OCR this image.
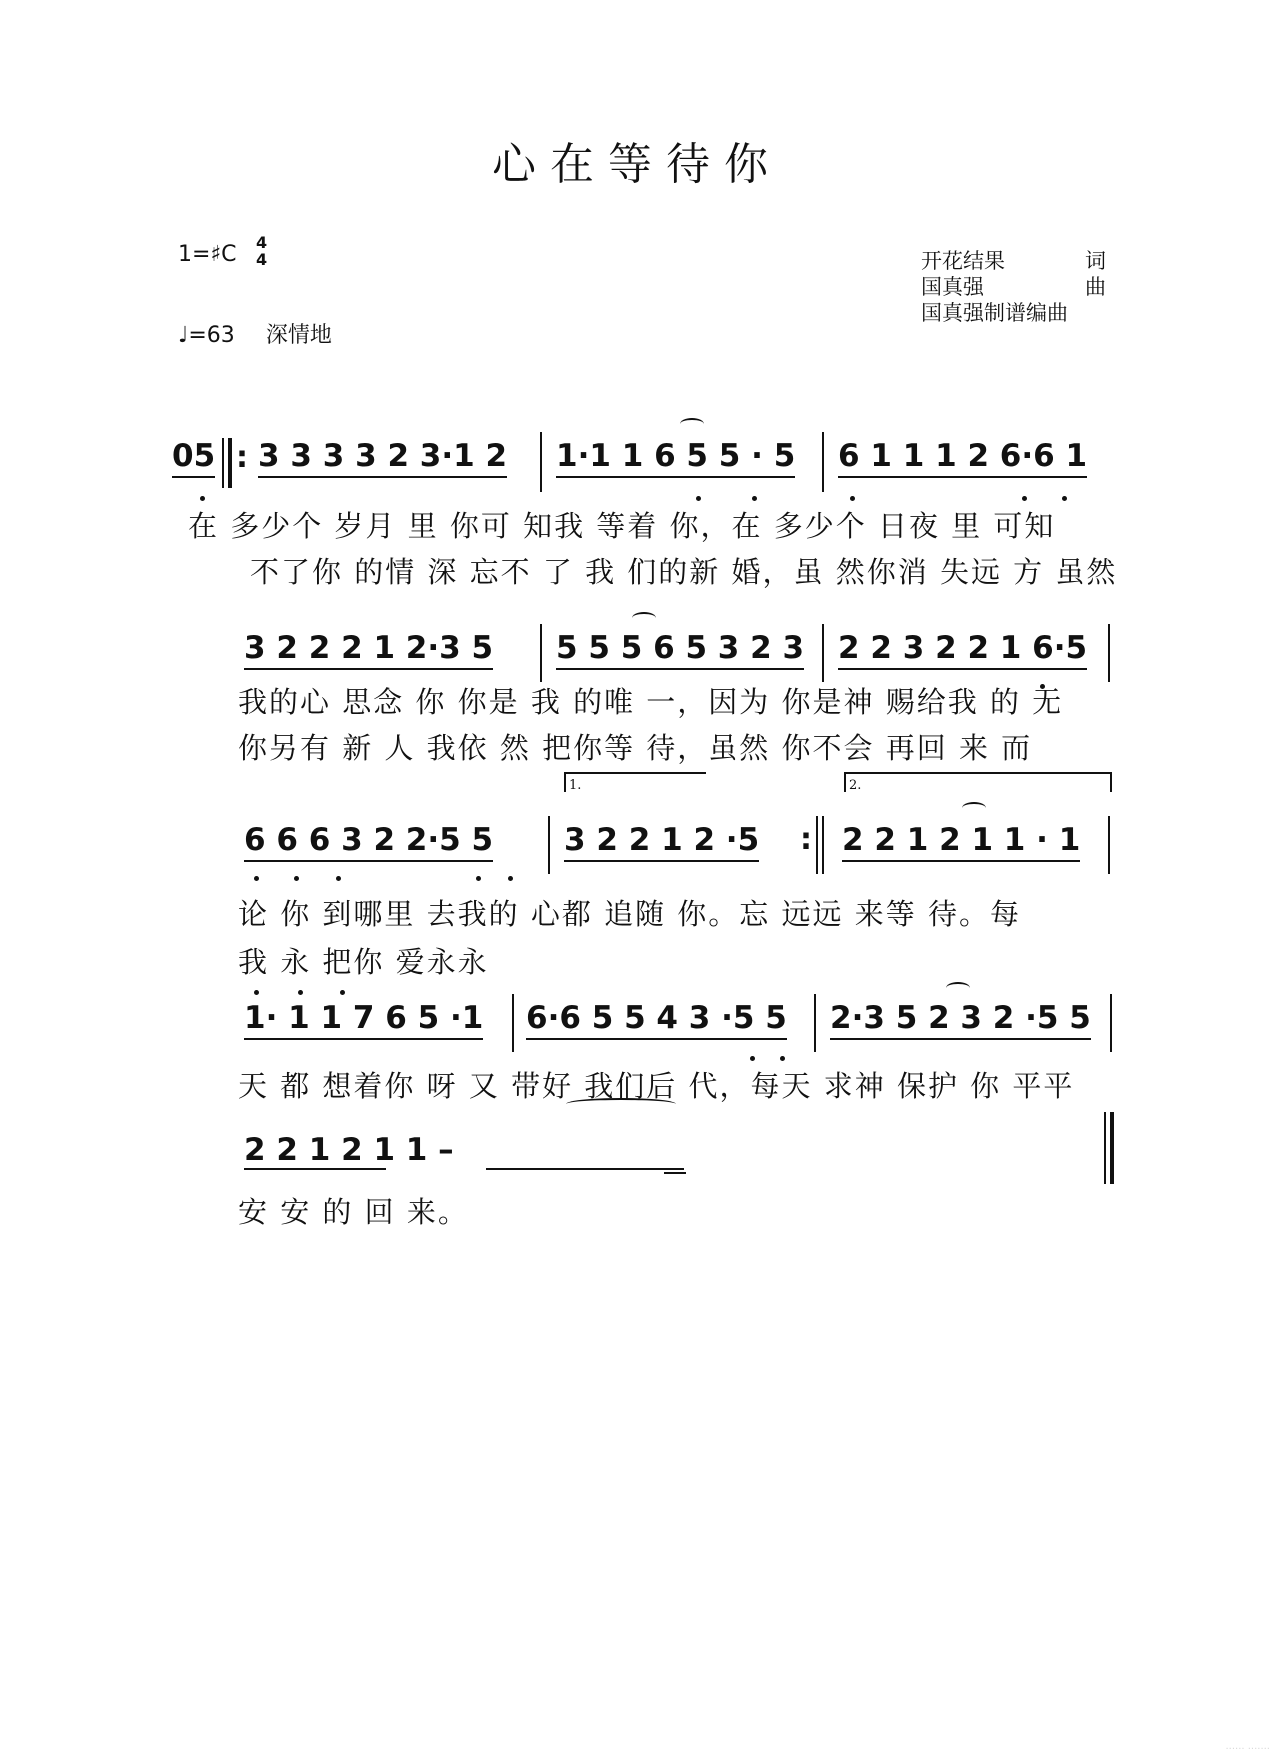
心在等待你
1=♯C 4
4
♩=63 深情地
开花结果	词
国真强	曲
国真强制谱编曲
05 : 3 3 3 3 2 3·1 2 1·1 1 6 5 5 · 5 6 1 1 1 2 6·6 1
在 多少个 岁月 里 你可 知我 等着 你，在 多少个 日夜 里 可知
不了你 的情 深 忘不 了 我 们的新 婚，虽 然你消 失远 方 虽然
3 2 2 2 1 2·3 5 5 5 5 6 5 3 2 3 2 2 3 2 2 1 6·5
我的心 思念 你 你是 我 的唯 一，因为 你是神 赐给我 的 无
你另有 新 人 我依 然 把你等 待，虽然 你不会 再回 来 而
1.	2.
6 6 6 3 2 2·5 5 3 2 2 1 2 ·5 : 2 2 1 2 1 1 · 1
论 你 到哪里 去我的 心都 追随 你。忘 远远 来等 待。每
我 永 把你 爱永永
1· 1 1 7 6 5 ·1 6·6 5 5 4 3 ·5 5 2·3 5 2 3 2 ·5 5
天 都 想着你 呀 又 带好 我们后 代，每天 求神 保护 你 平平
2 2 1 2 1 1 –
安 安 的 回 来。
······ ·······
